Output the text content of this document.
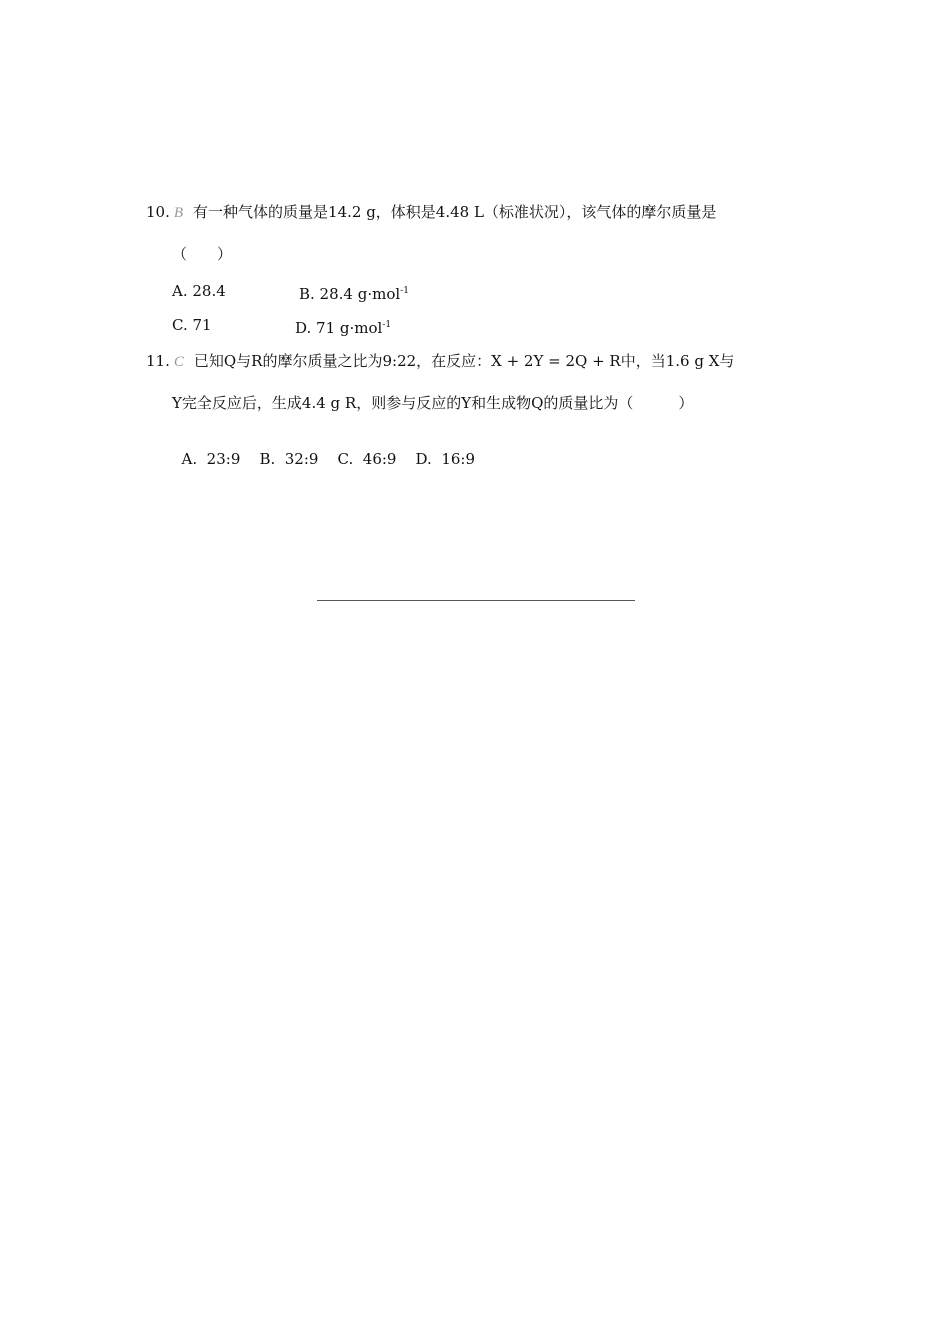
10. B 有一种气体的质量是14.2 g，体积是4.48 L（标准状况），该气体的摩尔质量是
（　　）
A. 28.4	B. 28.4 g·mol$^{-1}$
C. 71	D. 71 g·mol$^{-1}$
11. C 已知Q与R的摩尔质量之比为9:22，在反应：X + 2Y = 2Q + R中，当1.6 g X与
Y完全反应后，生成4.4 g R，则参与反应的Y和生成物Q的质量比为（　　　）

A.  23:9    B.  32:9    C.  46:9    D.  16:9
